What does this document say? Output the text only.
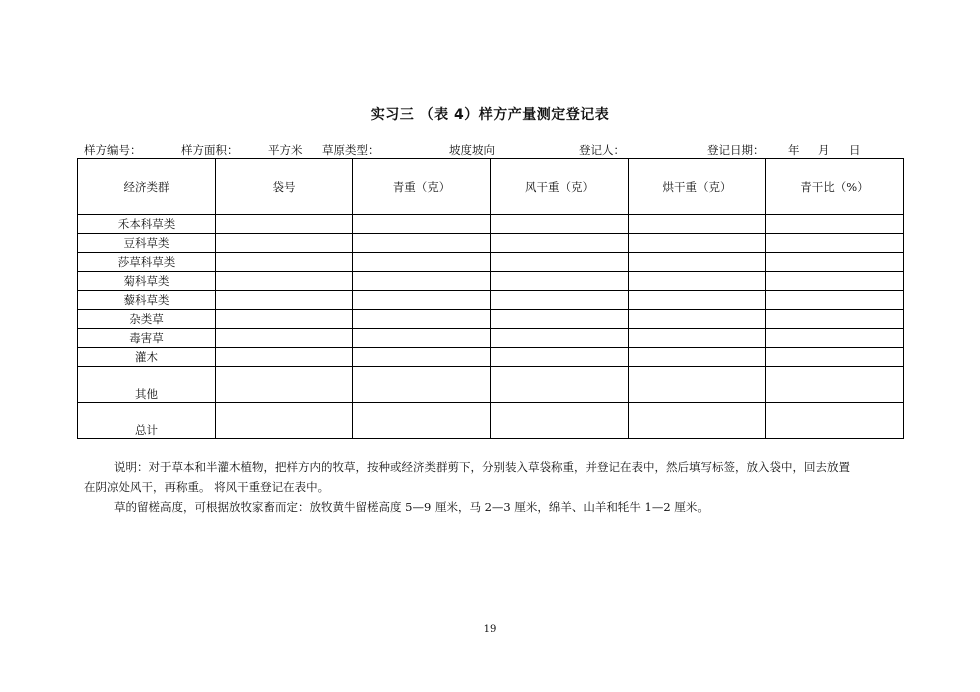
实习三 （表 4）样方产量测定登记表
样方编号：	样方面积：	平方米 草原类型：	坡度坡向	登记人：	登记日期： 年 月 日
经济类群	袋号	青重（克）	风干重（克）	烘干重（克）	青干比（%）
禾本科草类					
豆科草类					
莎草科草类					
菊科草类					
藜科草类					
杂类草					
毒害草					
灌木					
其他					
总计					

说明：对于草本和半灌木植物，把样方内的牧草，按种或经济类群剪下，分别装入草袋称重，并登记在表中，然后填写标签，放入袋中，回去放置

在阴凉处风干，再称重。 将风干重登记在表中。

草的留槎高度，可根据放牧家畜而定：放牧黄牛留槎高度 5—9 厘米，马 2—3 厘米，绵羊、山羊和牦牛 1—2 厘米。

19
